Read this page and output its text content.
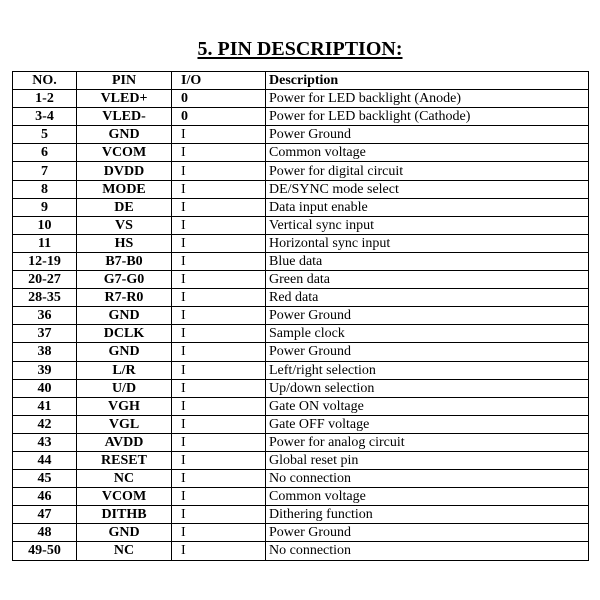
5. PIN DESCRIPTION:
NO.	PIN	I/O	Description
1-2	VLED+	0	Power for LED backlight (Anode)
3-4	VLED-	0	Power for LED backlight (Cathode)
5	GND	I	Power Ground
6	VCOM	I	Common voltage
7	DVDD	I	Power for digital circuit
8	MODE	I	DE/SYNC mode select
9	DE	I	Data input enable
10	VS	I	Vertical sync input
11	HS	I	Horizontal sync input
12-19	B7-B0	I	Blue data
20-27	G7-G0	I	Green data
28-35	R7-R0	I	Red data
36	GND	I	Power Ground
37	DCLK	I	Sample clock
38	GND	I	Power Ground
39	L/R	I	Left/right selection
40	U/D	I	Up/down selection
41	VGH	I	Gate ON voltage
42	VGL	I	Gate OFF voltage
43	AVDD	I	Power for analog circuit
44	RESET	I	Global reset pin
45	NC	I	No connection
46	VCOM	I	Common voltage
47	DITHB	I	Dithering function
48	GND	I	Power Ground
49-50	NC	I	No connection
